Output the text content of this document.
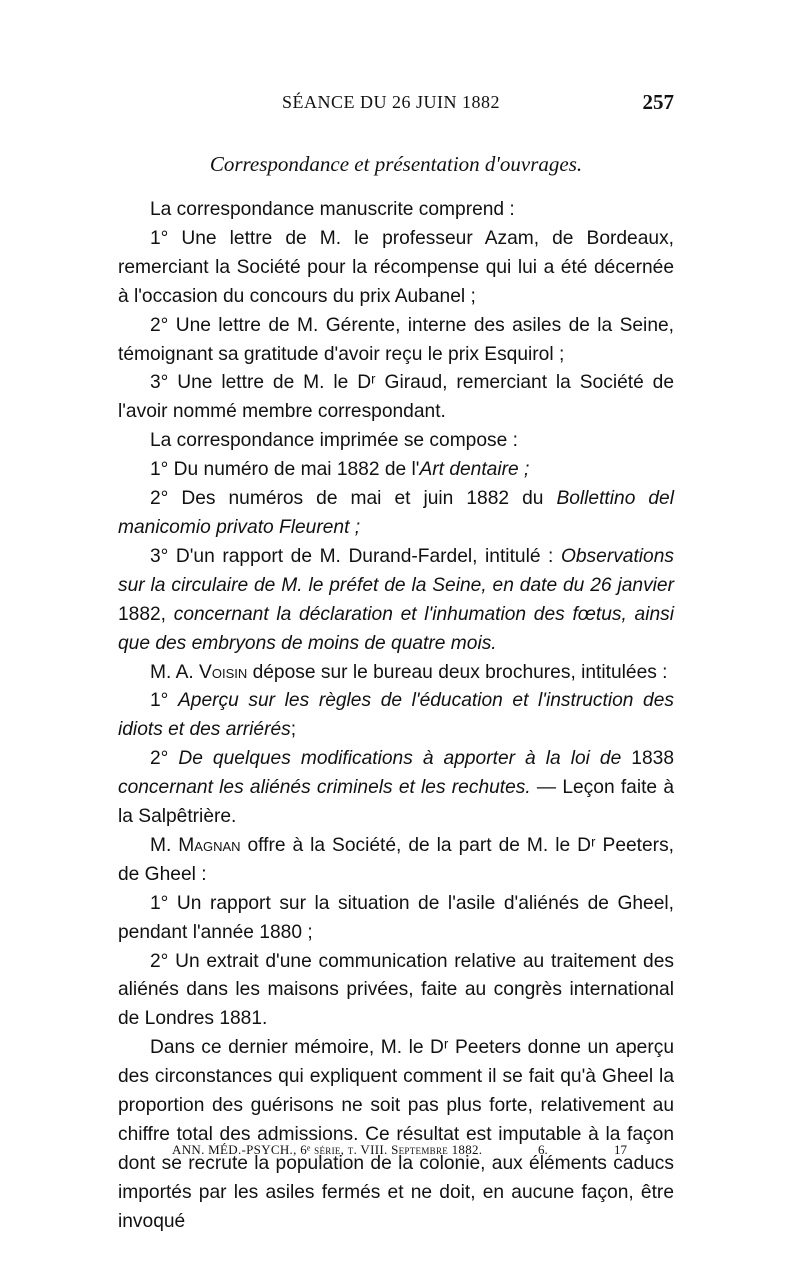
SÉANCE DU 26 JUIN 1882	257
Correspondance et présentation d'ouvrages.

La correspondance manuscrite comprend :

1° Une lettre de M. le professeur Azam, de Bordeaux, remerciant la Société pour la récompense qui lui a été décernée à l'occasion du concours du prix Aubanel ;

2° Une lettre de M. Gérente, interne des asiles de la Seine, témoignant sa gratitude d'avoir reçu le prix Esquirol ;

3° Une lettre de M. le Dʳ Giraud, remerciant la Société de l'avoir nommé membre correspondant.

La correspondance imprimée se compose :

1° Du numéro de mai 1882 de l'Art dentaire ;

2° Des numéros de mai et juin 1882 du Bollettino del manicomio privato Fleurent ;

3° D'un rapport de M. Durand-Fardel, intitulé : Observations sur la circulaire de M. le préfet de la Seine, en date du 26 janvier 1882, concernant la déclaration et l'inhumation des fœtus, ainsi que des embryons de moins de quatre mois.

M. A. Voisin dépose sur le bureau deux brochures, intitulées :

1° Aperçu sur les règles de l'éducation et l'instruction des idiots et des arriérés;

2° De quelques modifications à apporter à la loi de 1838 concernant les aliénés criminels et les rechutes. — Leçon faite à la Salpêtrière.

M. Magnan offre à la Société, de la part de M. le Dʳ Peeters, de Gheel :

1° Un rapport sur la situation de l'asile d'aliénés de Gheel, pendant l'année 1880 ;

2° Un extrait d'une communication relative au traitement des aliénés dans les maisons privées, faite au congrès international de Londres 1881.

Dans ce dernier mémoire, M. le Dʳ Peeters donne un aperçu des circonstances qui expliquent comment il se fait qu'à Gheel la proportion des guérisons ne soit pas plus forte, relativement au chiffre total des admissions. Ce résultat est imputable à la façon dont se recrute la population de la colonie, aux éléments caducs importés par les asiles fermés et ne doit, en aucune façon, être invoqué

ANN. MÉD.-PSYCH., 6ᵉ série, t. VIII. Septembre 1882.	6.	17
